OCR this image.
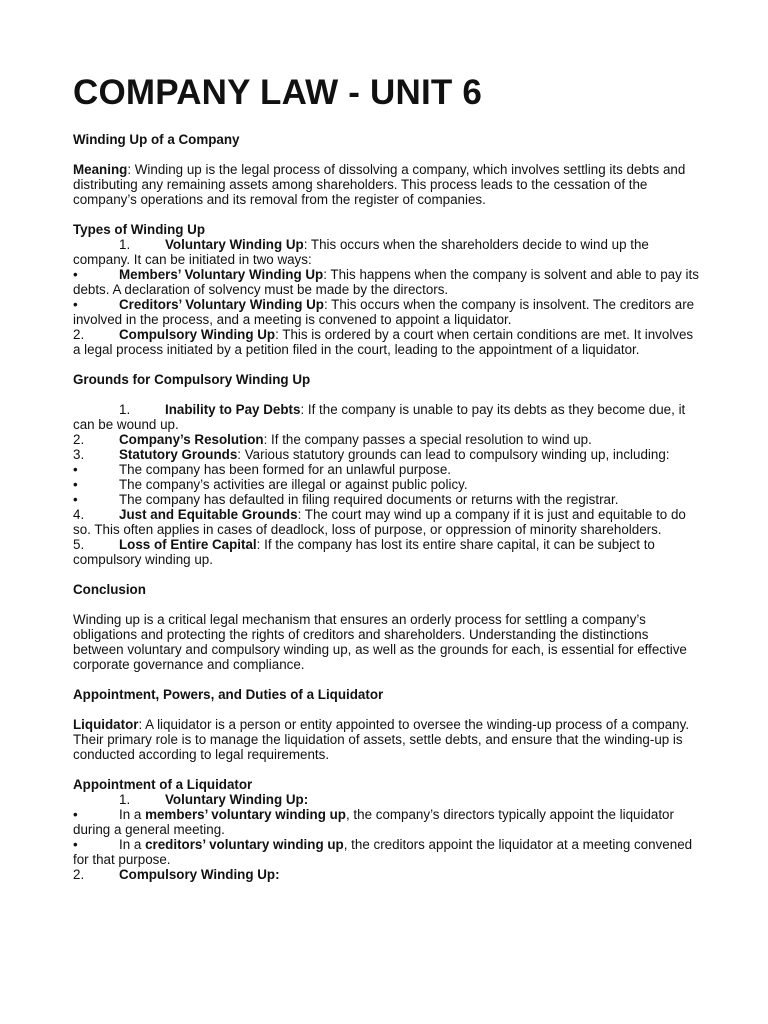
COMPANY LAW - UNIT 6

Winding Up of a Company

Meaning: Winding up is the legal process of dissolving a company, which involves settling its debts and distributing any remaining assets among shareholders. This process leads to the cessation of the company’s operations and its removal from the register of companies.

Types of Winding Up

1.	Voluntary Winding Up: This occurs when the shareholders decide to wind up the company. It can be initiated in two ways:

•	Members’ Voluntary Winding Up: This happens when the company is solvent and able to pay its debts. A declaration of solvency must be made by the directors.

•	Creditors’ Voluntary Winding Up: This occurs when the company is insolvent. The creditors are involved in the process, and a meeting is convened to appoint a liquidator.

2.	Compulsory Winding Up: This is ordered by a court when certain conditions are met. It involves a legal process initiated by a petition filed in the court, leading to the appointment of a liquidator.

Grounds for Compulsory Winding Up

1.	Inability to Pay Debts: If the company is unable to pay its debts as they become due, it can be wound up.

2.	Company’s Resolution: If the company passes a special resolution to wind up.

3.	Statutory Grounds: Various statutory grounds can lead to compulsory winding up, including:

•	The company has been formed for an unlawful purpose.

•	The company’s activities are illegal or against public policy.

•	The company has defaulted in filing required documents or returns with the registrar.

4.	Just and Equitable Grounds: The court may wind up a company if it is just and equitable to do so. This often applies in cases of deadlock, loss of purpose, or oppression of minority shareholders.

5.	Loss of Entire Capital: If the company has lost its entire share capital, it can be subject to compulsory winding up.

Conclusion

Winding up is a critical legal mechanism that ensures an orderly process for settling a company’s obligations and protecting the rights of creditors and shareholders. Understanding the distinctions between voluntary and compulsory winding up, as well as the grounds for each, is essential for effective corporate governance and compliance.

Appointment, Powers, and Duties of a Liquidator

Liquidator: A liquidator is a person or entity appointed to oversee the winding-up process of a company. Their primary role is to manage the liquidation of assets, settle debts, and ensure that the winding-up is conducted according to legal requirements.

Appointment of a Liquidator

1.	Voluntary Winding Up:

•	In a members’ voluntary winding up, the company’s directors typically appoint the liquidator during a general meeting.

•	In a creditors’ voluntary winding up, the creditors appoint the liquidator at a meeting convened for that purpose.

2.	Compulsory Winding Up:
